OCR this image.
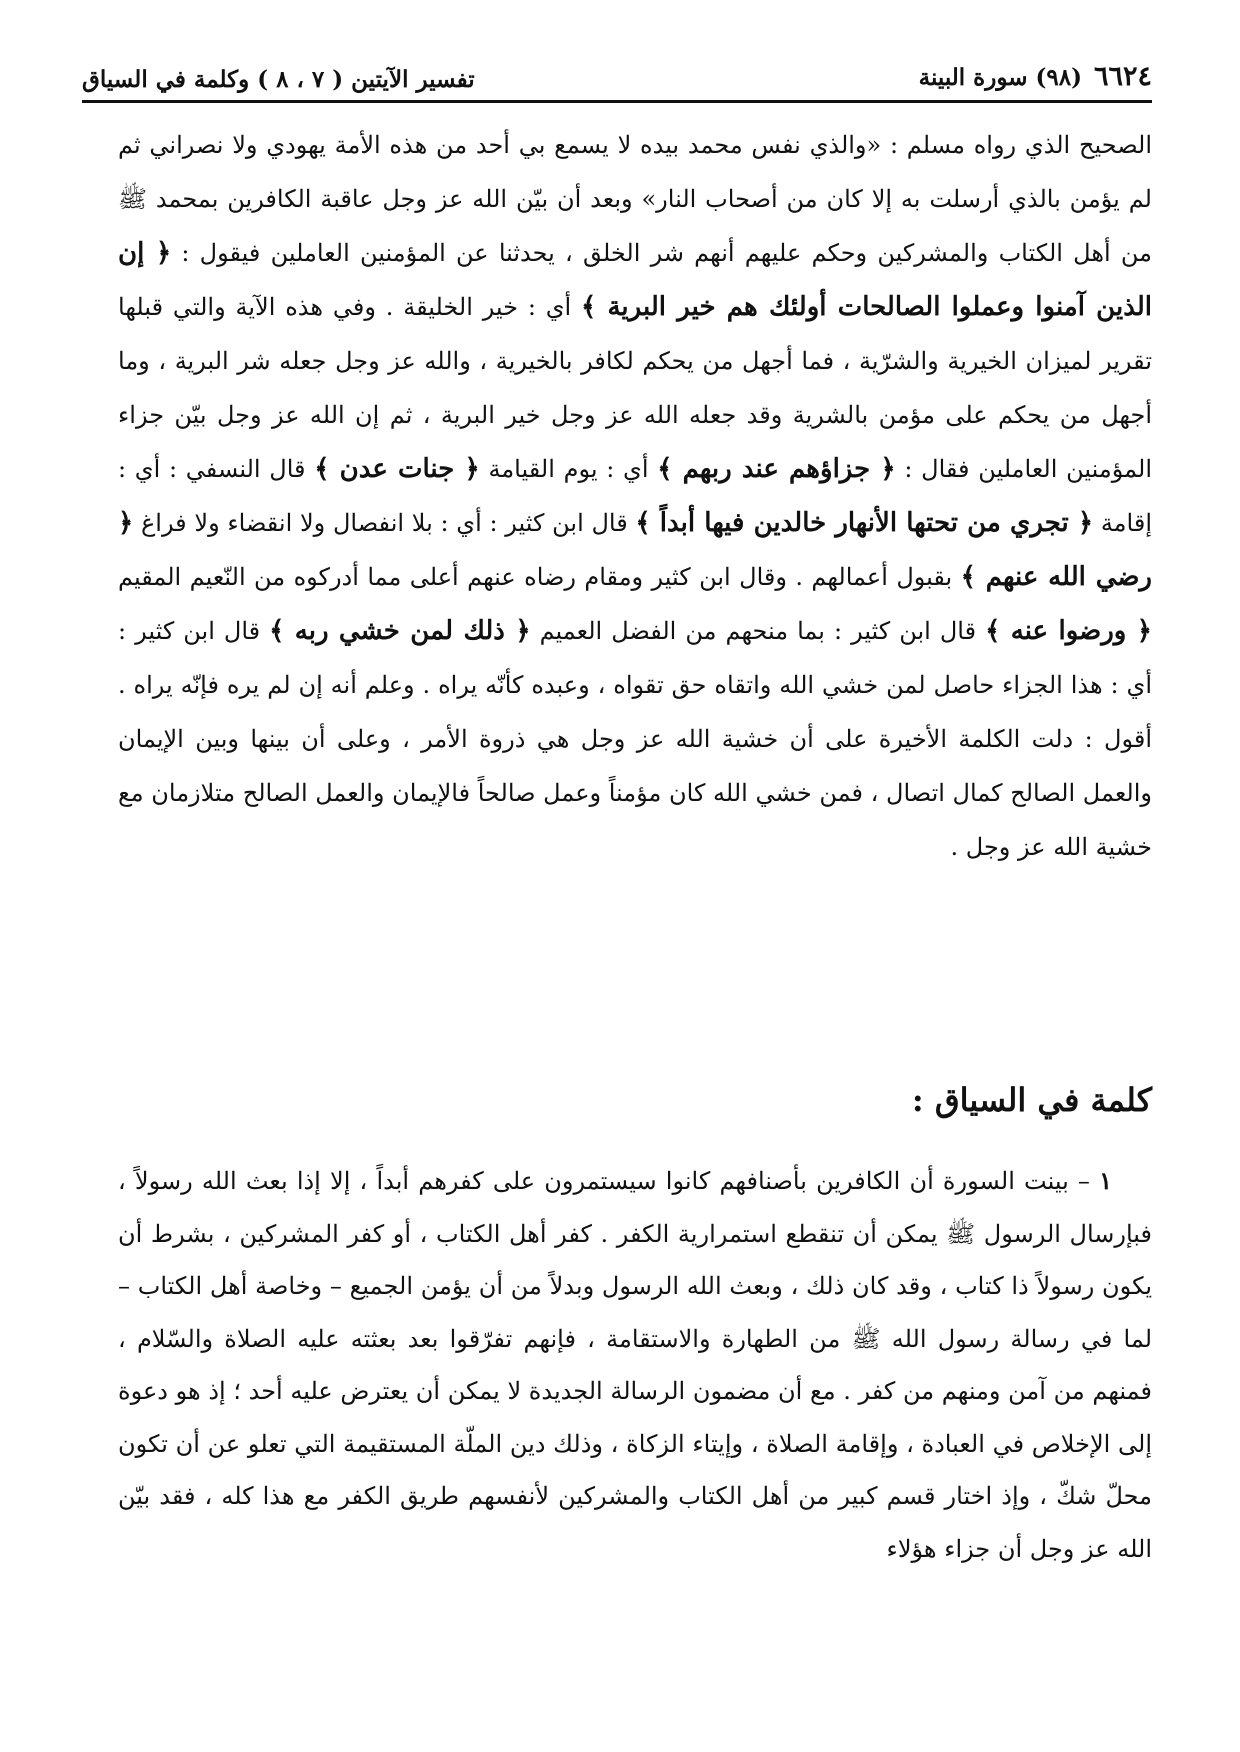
٦٦٢٤
(٩٨) سورة البينة
تفسير الآيتين ( ٧ ، ٨ ) وكلمة في السياق

الصحيح الذي رواه مسلم : «والذي نفس محمد بيده لا يسمع بي أحد من هذه الأمة يهودي ولا نصراني ثم لم يؤمن بالذي أرسلت به إلا كان من أصحاب النار» وبعد أن بيّن الله عز وجل عاقبة الكافرين بمحمد ﷺ من أهل الكتاب والمشركين وحكم عليهم أنهم شر الخلق ، يحدثنا عن المؤمنين العاملين فيقول : ﴿ إن الذين آمنوا وعملوا الصالحات أولئك هم خير البرية ﴾ أي : خير الخليقة . وفي هذه الآية والتي قبلها تقرير لميزان الخيرية والشرّية ، فما أجهل من يحكم لكافر بالخيرية ، والله عز وجل جعله شر البرية ، وما أجهل من يحكم على مؤمن بالشرية وقد جعله الله عز وجل خير البرية ، ثم إن الله عز وجل بيّن جزاء المؤمنين العاملين فقال : ﴿ جزاؤهم عند ربهم ﴾ أي : يوم القيامة ﴿ جنات عدن ﴾ قال النسفي : أي : إقامة ﴿ تجري من تحتها الأنهار خالدين فيها أبداً ﴾ قال ابن كثير : أي : بلا انفصال ولا انقضاء ولا فراغ ﴿ رضي الله عنهم ﴾ بقبول أعمالهم . وقال ابن كثير ومقام رضاه عنهم أعلى مما أدركوه من النّعيم المقيم ﴿ ورضوا عنه ﴾ قال ابن كثير : بما منحهم من الفضل العميم ﴿ ذلك لمن خشي ربه ﴾ قال ابن كثير : أي : هذا الجزاء حاصل لمن خشي الله واتقاه حق تقواه ، وعبده كأنّه يراه . وعلم أنه إن لم يره فإنّه يراه . أقول : دلت الكلمة الأخيرة على أن خشية الله عز وجل هي ذروة الأمر ، وعلى أن بينها وبين الإيمان والعمل الصالح كمال اتصال ، فمن خشي الله كان مؤمناً وعمل صالحاً فالإيمان والعمل الصالح متلازمان مع خشية الله عز وجل .

كلمة في السياق :

١ – بينت السورة أن الكافرين بأصنافهم كانوا سيستمرون على كفرهم أبداً ، إلا إذا بعث الله رسولاً ، فبإرسال الرسول ﷺ يمكن أن تنقطع استمرارية الكفر . كفر أهل الكتاب ، أو كفر المشركين ، بشرط أن يكون رسولاً ذا كتاب ، وقد كان ذلك ، وبعث الله الرسول وبدلاً من أن يؤمن الجميع – وخاصة أهل الكتاب – لما في رسالة رسول الله ﷺ من الطهارة والاستقامة ، فإنهم تفرّقوا بعد بعثته عليه الصلاة والسّلام ، فمنهم من آمن ومنهم من كفر . مع أن مضمون الرسالة الجديدة لا يمكن أن يعترض عليه أحد ؛ إذ هو دعوة إلى الإخلاص في العبادة ، وإقامة الصلاة ، وإيتاء الزكاة ، وذلك دين الملّة المستقيمة التي تعلو عن أن تكون محلّ شكّ ، وإذ اختار قسم كبير من أهل الكتاب والمشركين لأنفسهم طريق الكفر مع هذا كله ، فقد بيّن الله عز وجل أن جزاء هؤلاء
